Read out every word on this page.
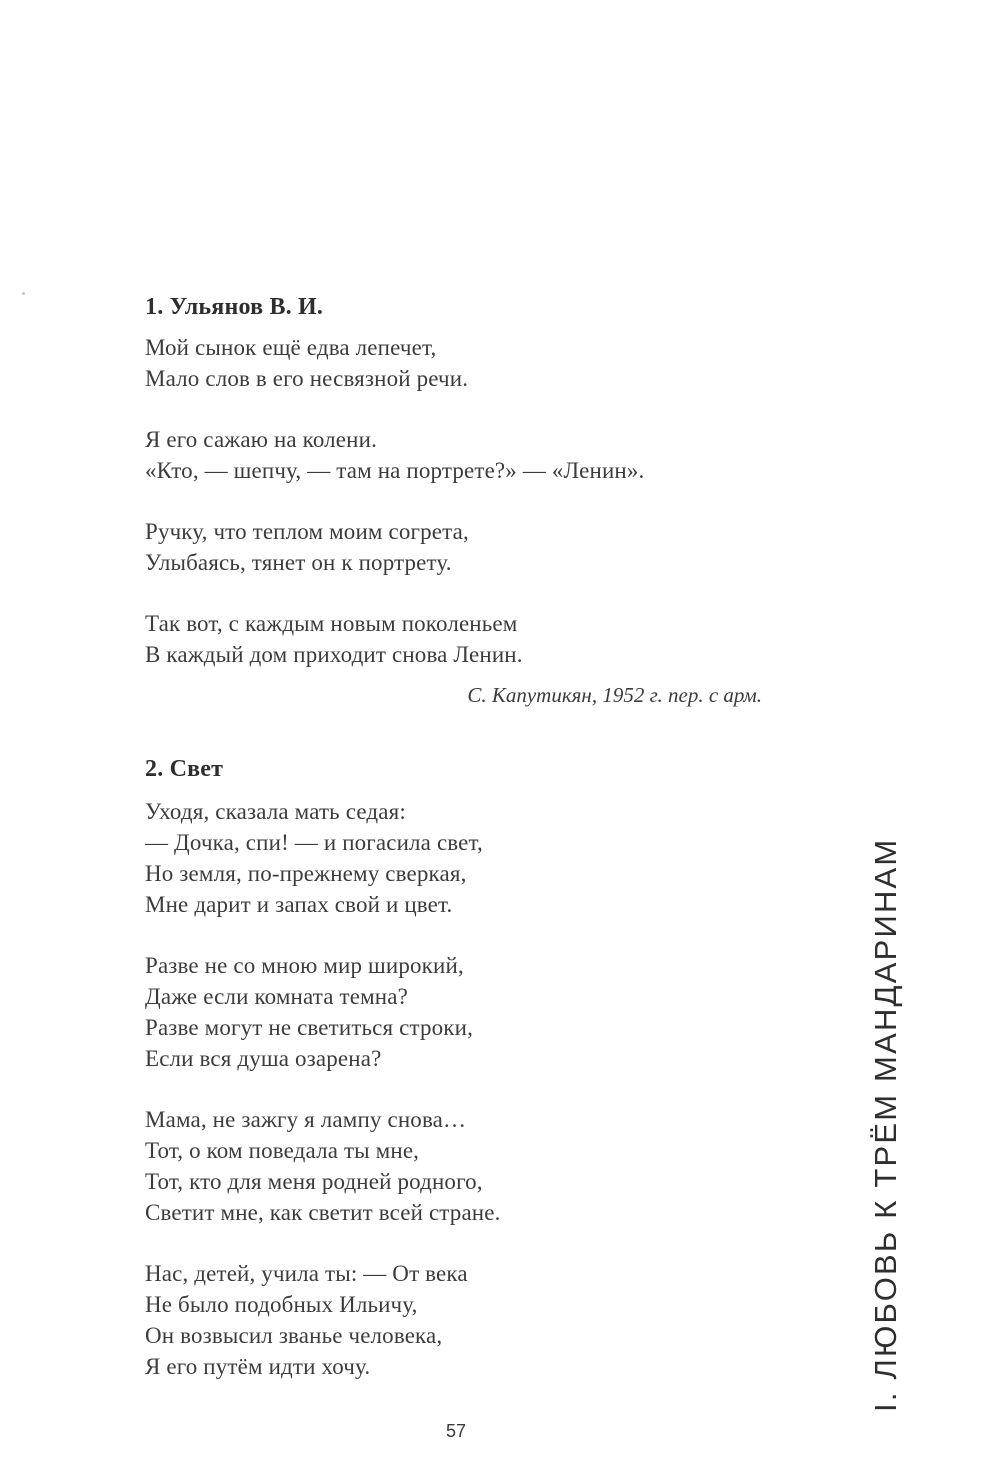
1. Ульянов В. И.
Мой сынок ещё едва лепечет,
Мало слов в его несвязной речи.
Я его сажаю на колени.
«Кто, — шепчу, — там на портрете?» — «Ленин».
Ручку, что теплом моим согрета,
Улыбаясь, тянет он к портрету.
Так вот, с каждым новым поколеньем
В каждый дом приходит снова Ленин.
С. Капутикян, 1952 г. пер. с арм.
2. Свет
Уходя, сказала мать седая:
— Дочка, спи! — и погасила свет,
Но земля, по-прежнему сверкая,
Мне дарит и запах свой и цвет.
Разве не со мною мир широкий,
Даже если комната темна?
Разве могут не светиться строки,
Если вся душа озарена?
Мама, не зажгу я лампу снова…
Тот, о ком поведала ты мне,
Тот, кто для меня родней родного,
Светит мне, как светит всей стране.
Нас, детей, учила ты: — От века
Не было подобных Ильичу,
Он возвысил званье человека,
Я его путём идти хочу.	I. ЛЮБОВЬ К ТРЁМ МАНДАРИНАМ
57
